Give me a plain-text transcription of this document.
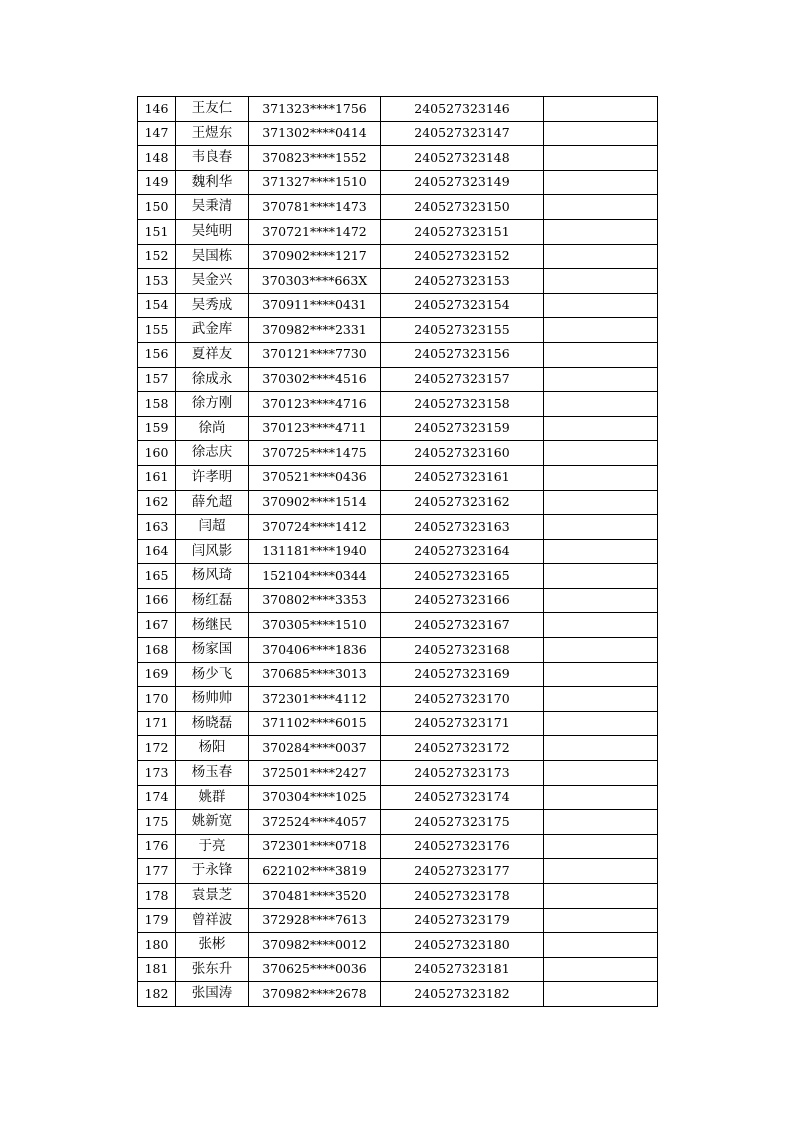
146	王友仁	371323****1756	240527323146	
147	王煜东	371302****0414	240527323147	
148	韦良春	370823****1552	240527323148	
149	魏利华	371327****1510	240527323149	
150	吴秉清	370781****1473	240527323150	
151	吴纯明	370721****1472	240527323151	
152	吴国栋	370902****1217	240527323152	
153	吴金兴	370303****663X	240527323153	
154	吴秀成	370911****0431	240527323154	
155	武金库	370982****2331	240527323155	
156	夏祥友	370121****7730	240527323156	
157	徐成永	370302****4516	240527323157	
158	徐方刚	370123****4716	240527323158	
159	徐尚	370123****4711	240527323159	
160	徐志庆	370725****1475	240527323160	
161	许孝明	370521****0436	240527323161	
162	薛允超	370902****1514	240527323162	
163	闫超	370724****1412	240527323163	
164	闫风影	131181****1940	240527323164	
165	杨风琦	152104****0344	240527323165	
166	杨红磊	370802****3353	240527323166	
167	杨继民	370305****1510	240527323167	
168	杨家国	370406****1836	240527323168	
169	杨少飞	370685****3013	240527323169	
170	杨帅帅	372301****4112	240527323170	
171	杨晓磊	371102****6015	240527323171	
172	杨阳	370284****0037	240527323172	
173	杨玉春	372501****2427	240527323173	
174	姚群	370304****1025	240527323174	
175	姚新宽	372524****4057	240527323175	
176	于亮	372301****0718	240527323176	
177	于永锋	622102****3819	240527323177	
178	袁景芝	370481****3520	240527323178	
179	曾祥波	372928****7613	240527323179	
180	张彬	370982****0012	240527323180	
181	张东升	370625****0036	240527323181	
182	张国涛	370982****2678	240527323182	
